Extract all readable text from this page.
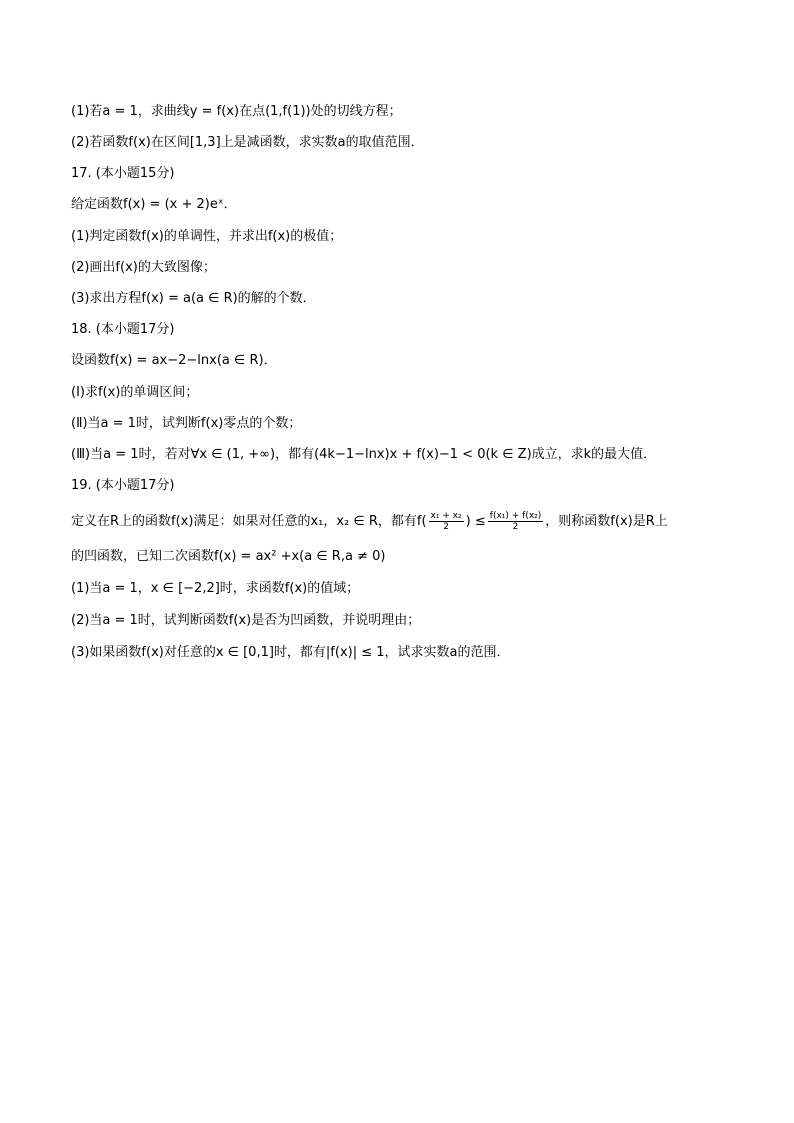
(1)若a = 1，求曲线y = f(x)在点(1,f(1))处的切线方程；
(2)若函数f(x)在区间[1,3]上是减函数，求实数a的取值范围．
17. (本小题15分)
给定函数f(x) = (x + 2)eˣ．
(1)判定函数f(x)的单调性，并求出f(x)的极值；
(2)画出f(x)的大致图像；
(3)求出方程f(x) = a(a ∈ R)的解的个数．
18. (本小题17分)
设函数f(x) = ax−2−lnx(a ∈ R)．
(Ⅰ)求f(x)的单调区间；
(Ⅱ)当a = 1时，试判断f(x)零点的个数；
(Ⅲ)当a = 1时，若对∀x ∈ (1, +∞)，都有(4k−1−lnx)x + f(x)−1 < 0(k ∈ Z)成立，求k的最大值．
19. (本小题17分)
定义在R上的函数f(x)满足：如果对任意的x₁，x₂ ∈ R，都有$f( \frac{\text{x₁ + x₂}}{2}$ ) ≤ $\frac{\text{f(x₁) + f(x₂)}}{2}$ ，则称函数f(x)是R上
的凹函数，已知二次函数f(x) = ax² +x(a ∈ R,a ≠ 0)
(1)当a = 1，x ∈ [−2,2]时，求函数f(x)的值域；
(2)当a = 1时，试判断函数f(x)是否为凹函数，并说明理由；
(3)如果函数f(x)对任意的x ∈ [0,1]时，都有|f(x)| ≤ 1，试求实数a的范围．
